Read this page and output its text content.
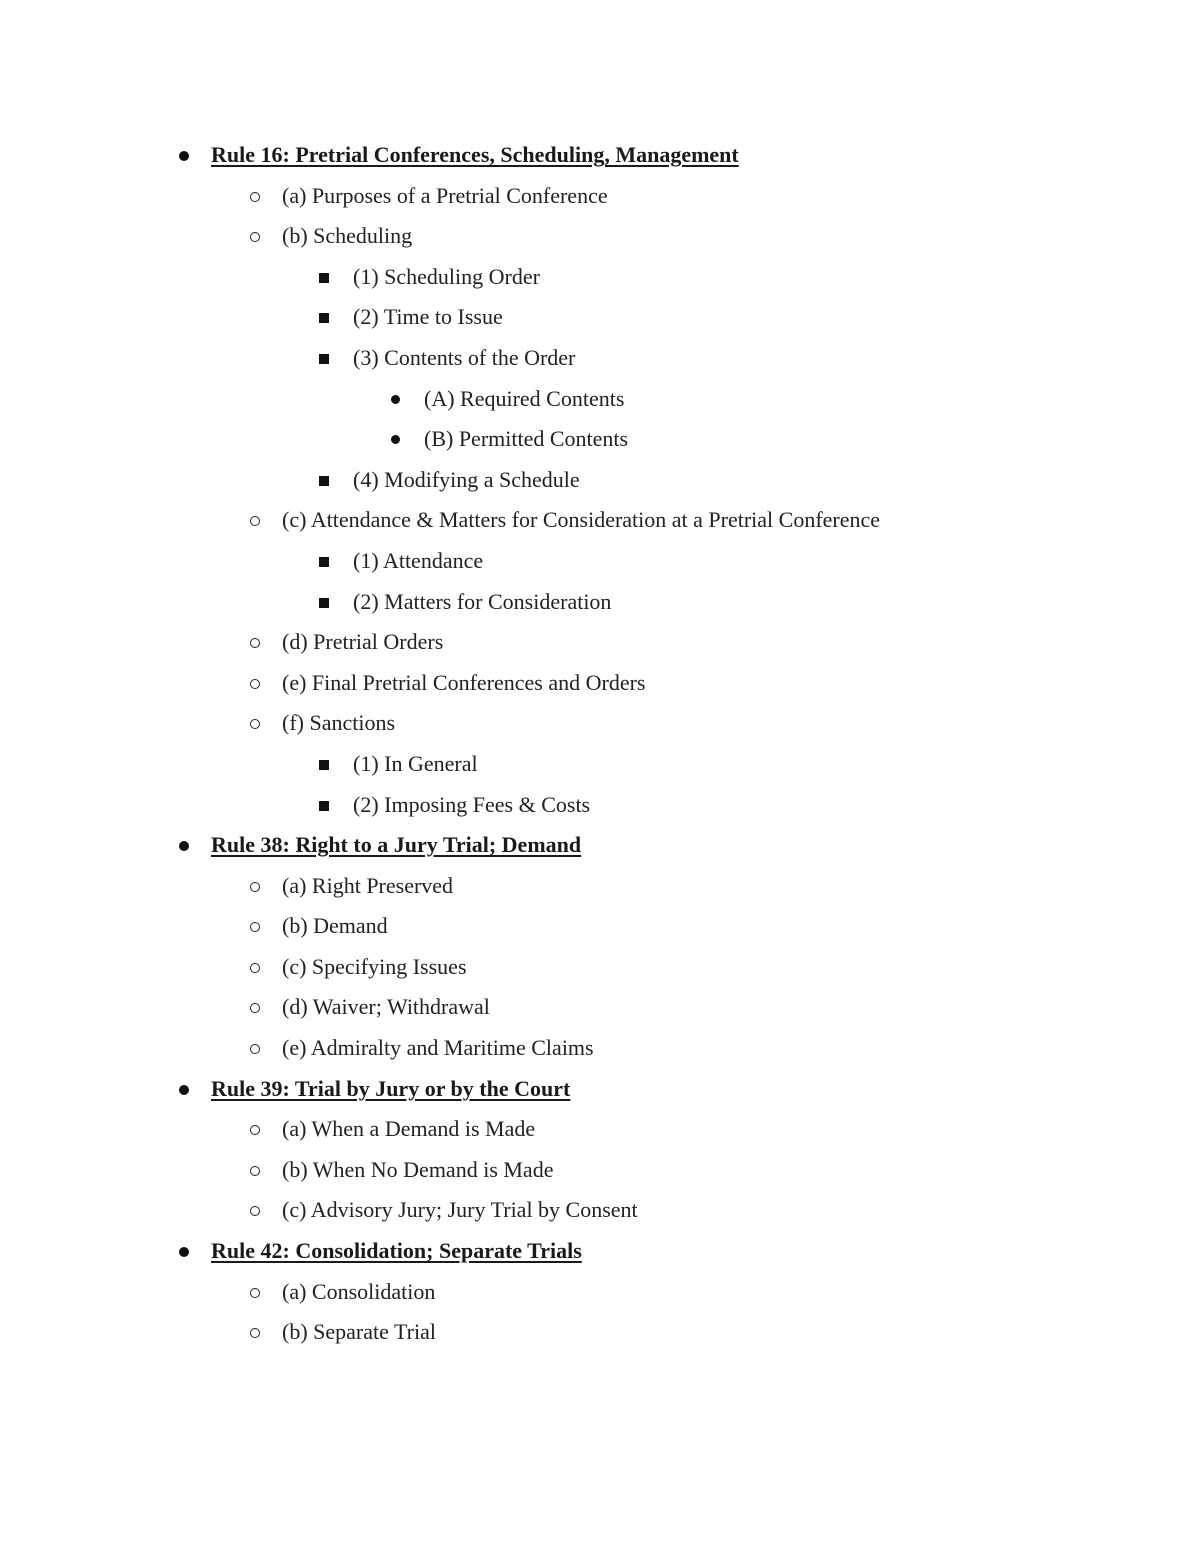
Rule 16: Pretrial Conferences, Scheduling, Management
(a) Purposes of a Pretrial Conference
(b) Scheduling
(1) Scheduling Order
(2) Time to Issue
(3) Contents of the Order
(A) Required Contents
(B) Permitted Contents
(4) Modifying a Schedule
(c) Attendance & Matters for Consideration at a Pretrial Conference
(1) Attendance
(2) Matters for Consideration
(d) Pretrial Orders
(e) Final Pretrial Conferences and Orders
(f) Sanctions
(1) In General
(2) Imposing Fees & Costs
Rule 38: Right to a Jury Trial; Demand
(a) Right Preserved
(b) Demand
(c) Specifying Issues
(d) Waiver; Withdrawal
(e) Admiralty and Maritime Claims
Rule 39: Trial by Jury or by the Court
(a) When a Demand is Made
(b) When No Demand is Made
(c) Advisory Jury; Jury Trial by Consent
Rule 42: Consolidation; Separate Trials
(a) Consolidation
(b) Separate Trial
